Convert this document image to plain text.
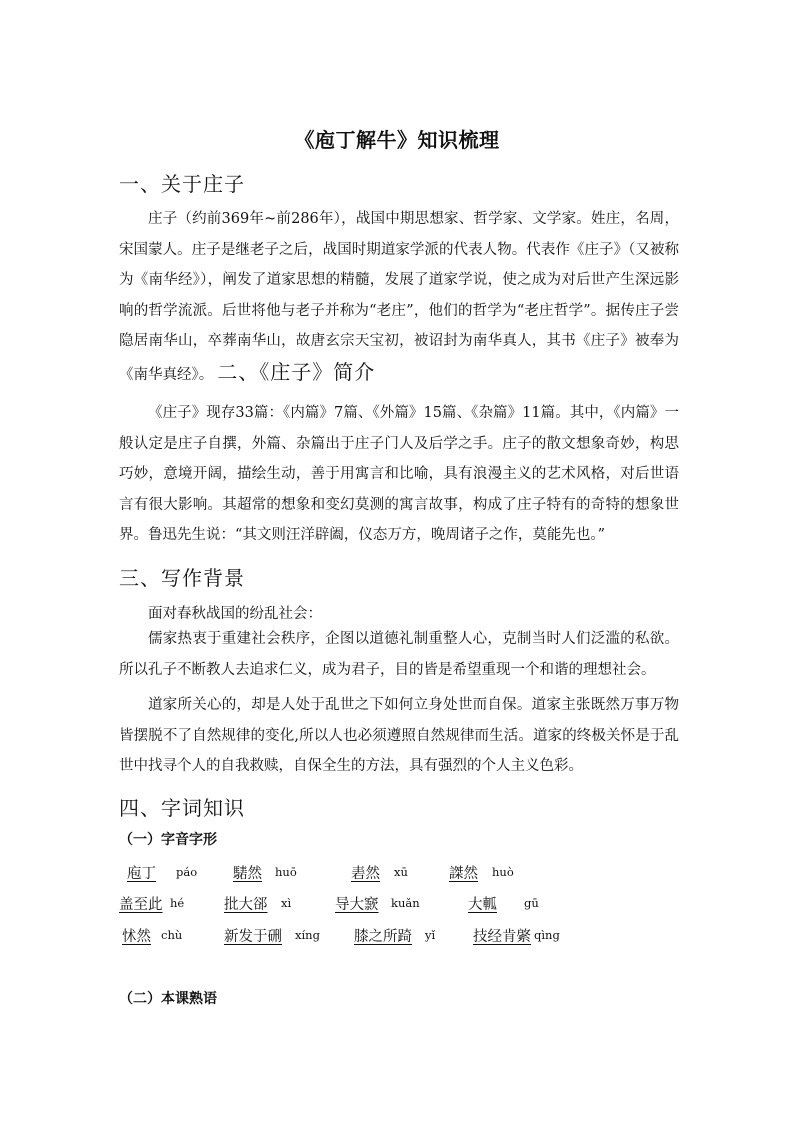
《庖丁解牛》知识梳理
一、关于庄子
庄子（约前369年~前286年），战国中期思想家、哲学家、文学家。姓庄，名周，宋国蒙人。庄子是继老子之后，战国时期道家学派的代表人物。代表作《庄子》（又被称为《南华经》），阐发了道家思想的精髓，发展了道家学说，使之成为对后世产生深远影响的哲学流派。后世将他与老子并称为“老庄”，他们的哲学为“老庄哲学”。据传庄子尝隐居南华山，卒葬南华山，故唐玄宗天宝初，被诏封为南华真人，其书《庄子》被奉为《南华真经》。 二、《庄子》简介
《庄子》现存33篇：《内篇》7篇、《外篇》15篇、《杂篇》11篇。其中，《内篇》一般认定是庄子自撰，外篇、杂篇出于庄子门人及后学之手。庄子的散文想象奇妙，构思巧妙，意境开阔，描绘生动，善于用寓言和比喻，具有浪漫主义的艺术风格，对后世语言有很大影响。其超常的想象和变幻莫测的寓言故事，构成了庄子特有的奇特的想象世界。鲁迅先生说：“其文则汪洋辟阖，仪态万方，晚周诸子之作，莫能先也。”
三、写作背景
面对春秋战国的纷乱社会：
儒家热衷于重建社会秩序，企图以道德礼制重整人心，克制当时人们泛滥的私欲。所以孔子不断教人去追求仁义，成为君子，目的皆是希望重现一个和谐的理想社会。
道家所关心的，却是人处于乱世之下如何立身处世而自保。道家主张既然万事万物皆摆脱不了自然规律的变化,所以人也必须遵照自然规律而生活。道家的终极关怀是于乱世中找寻个人的自我救赎，自保全生的方法，具有强烈的个人主义色彩。
四、字词知识
（一）字音字形
庖丁 páo 騞然 huō	砉然 xū	謋然 huò
盖至此 hé	批大郤 xì	导大窾 kuǎn	大軱 gū
怵然 chù	新发于硎 xíng 膝之所踦 yǐ	技经肯綮 qìng
（二）本课熟语
